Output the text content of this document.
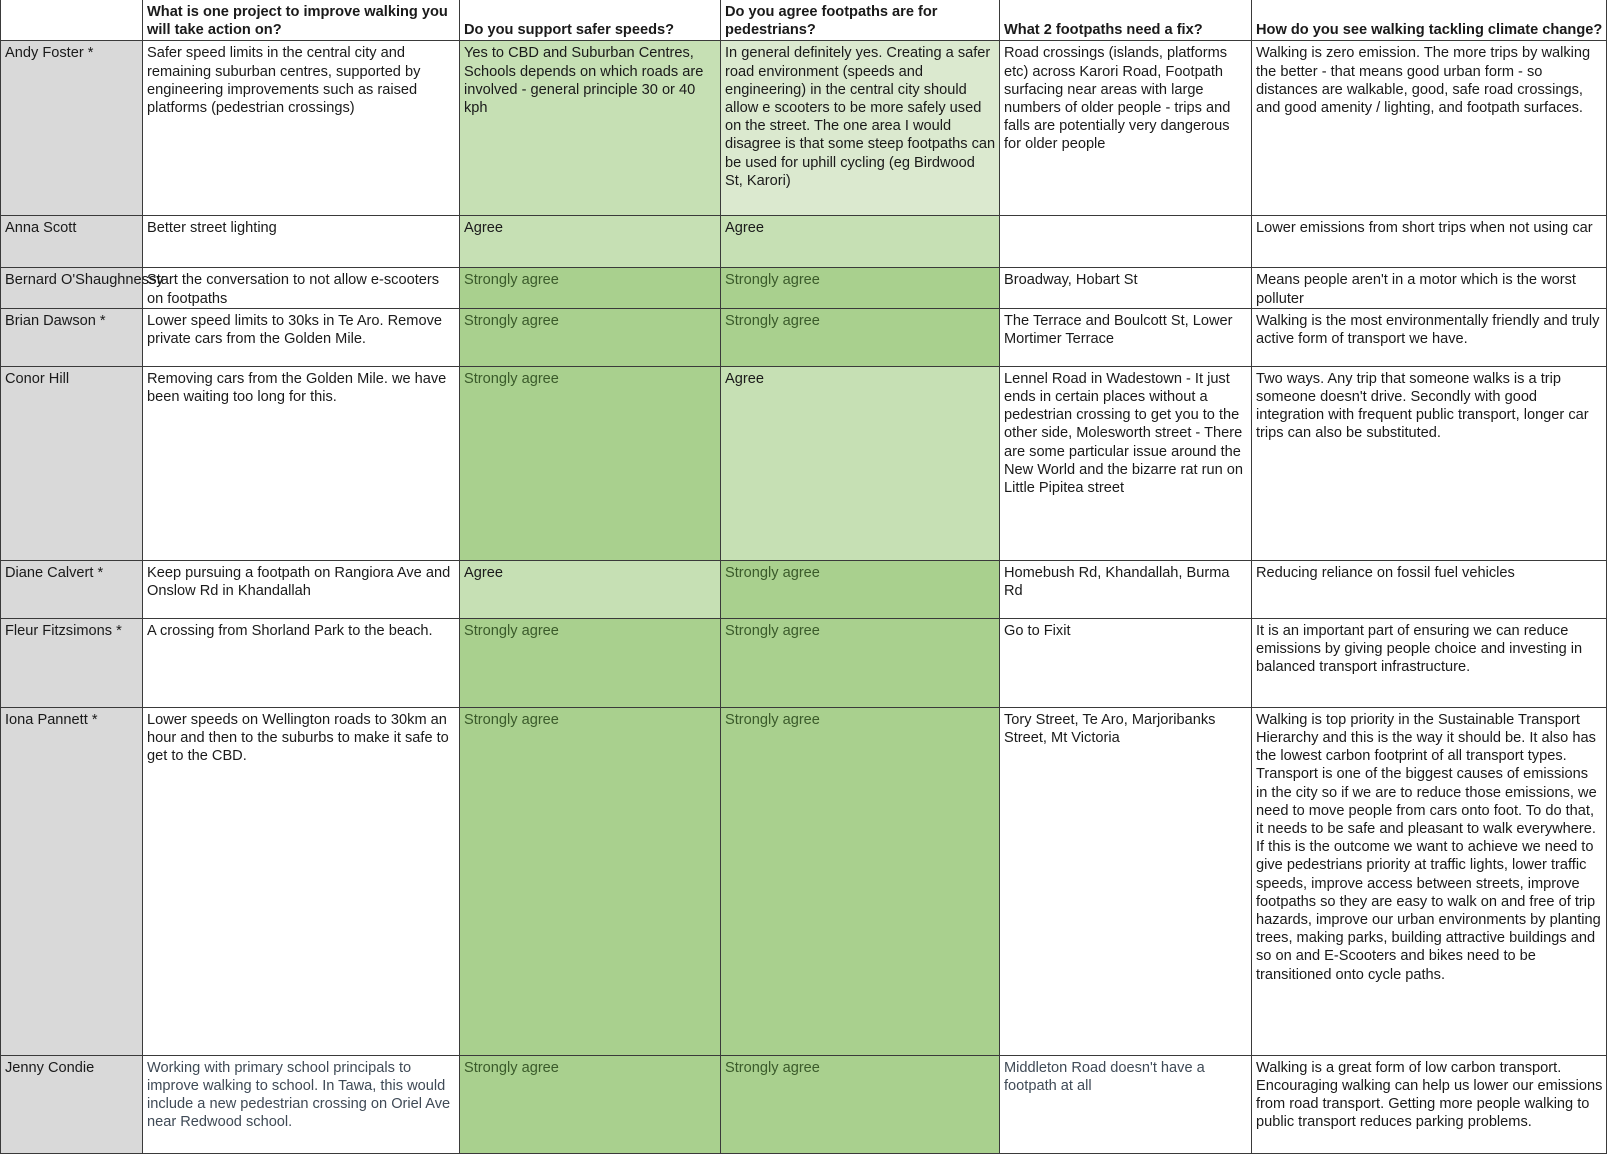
	What is one project to improve walking you will take action on?	Do you support safer speeds?	Do you agree footpaths are for pedestrians?	What 2 footpaths need a fix?	How do you see walking tackling climate change?
Andy Foster *	Safer speed limits in the central city and remaining suburban centres, supported by engineering improvements such as raised platforms (pedestrian crossings)	Yes to CBD and Suburban Centres, Schools depends on which roads are involved - general principle 30 or 40 kph	In general definitely yes. Creating a safer road environment (speeds and engineering) in the central city should allow e scooters to be more safely used on the street. The one area I would disagree is that some steep footpaths can be used for uphill cycling (eg Birdwood St, Karori)	Road crossings (islands, platforms etc) across Karori Road, Footpath surfacing near areas with large numbers of older people - trips and falls are potentially very dangerous for older people	Walking is zero emission. The more trips by walking the better - that means good urban form - so distances are walkable, good, safe road crossings, and good amenity / lighting, and footpath surfaces.
Anna Scott	Better street lighting	Agree	Agree		Lower emissions from short trips when not using car
Bernard O'Shaughnessy	Start the conversation to not allow e-scooters on footpaths	Strongly agree	Strongly agree	Broadway, Hobart St	Means people aren't in a motor which is the worst polluter
Brian Dawson *	Lower speed limits to 30ks in Te Aro. Remove private cars from the Golden Mile.	Strongly agree	Strongly agree	The Terrace and Boulcott St, Lower Mortimer Terrace	Walking is the most environmentally friendly and truly active form of transport we have.
Conor Hill	Removing cars from the Golden Mile. we have been waiting too long for this.	Strongly agree	Agree	Lennel Road in Wadestown - It just ends in certain places without a pedestrian crossing to get you to the other side, Molesworth street - There are some particular issue around the New World and the bizarre rat run on Little Pipitea street	Two ways. Any trip that someone walks is a trip someone doesn't drive. Secondly with good integration with frequent public transport, longer car trips can also be substituted.
Diane Calvert *	Keep pursuing a footpath on Rangiora Ave and Onslow Rd in Khandallah	Agree	Strongly agree	Homebush Rd, Khandallah, Burma Rd	Reducing reliance on fossil fuel vehicles
Fleur Fitzsimons *	A crossing from Shorland Park to the beach.	Strongly agree	Strongly agree	Go to Fixit	It is an important part of ensuring we can reduce emissions by giving people choice and investing in balanced transport infrastructure.
Iona Pannett *	Lower speeds on Wellington roads to 30km an hour and then to the suburbs to make it safe to get to the CBD.	Strongly agree	Strongly agree	Tory Street, Te Aro, Marjoribanks Street, Mt Victoria	Walking is top priority in the Sustainable Transport Hierarchy and this is the way it should be. It also has the lowest carbon footprint of all transport types. Transport is one of the biggest causes of emissions in the city so if we are to reduce those emissions, we need to move people from cars onto foot. To do that, it needs to be safe and pleasant to walk everywhere. If this is the outcome we want to achieve we need to give pedestrians priority at traffic lights, lower traffic speeds, improve access between streets, improve footpaths so they are easy to walk on and free of trip hazards, improve our urban environments by planting trees, making parks, building attractive buildings and so on and E-Scooters and bikes need to be transitioned onto cycle paths.
Jenny Condie	Working with primary school principals to improve walking to school. In Tawa, this would include a new pedestrian crossing on Oriel Ave near Redwood school.	Strongly agree	Strongly agree	Middleton Road doesn't have a footpath at all	Walking is a great form of low carbon transport. Encouraging walking can help us lower our emissions from road transport. Getting more people walking to public transport reduces parking problems.
